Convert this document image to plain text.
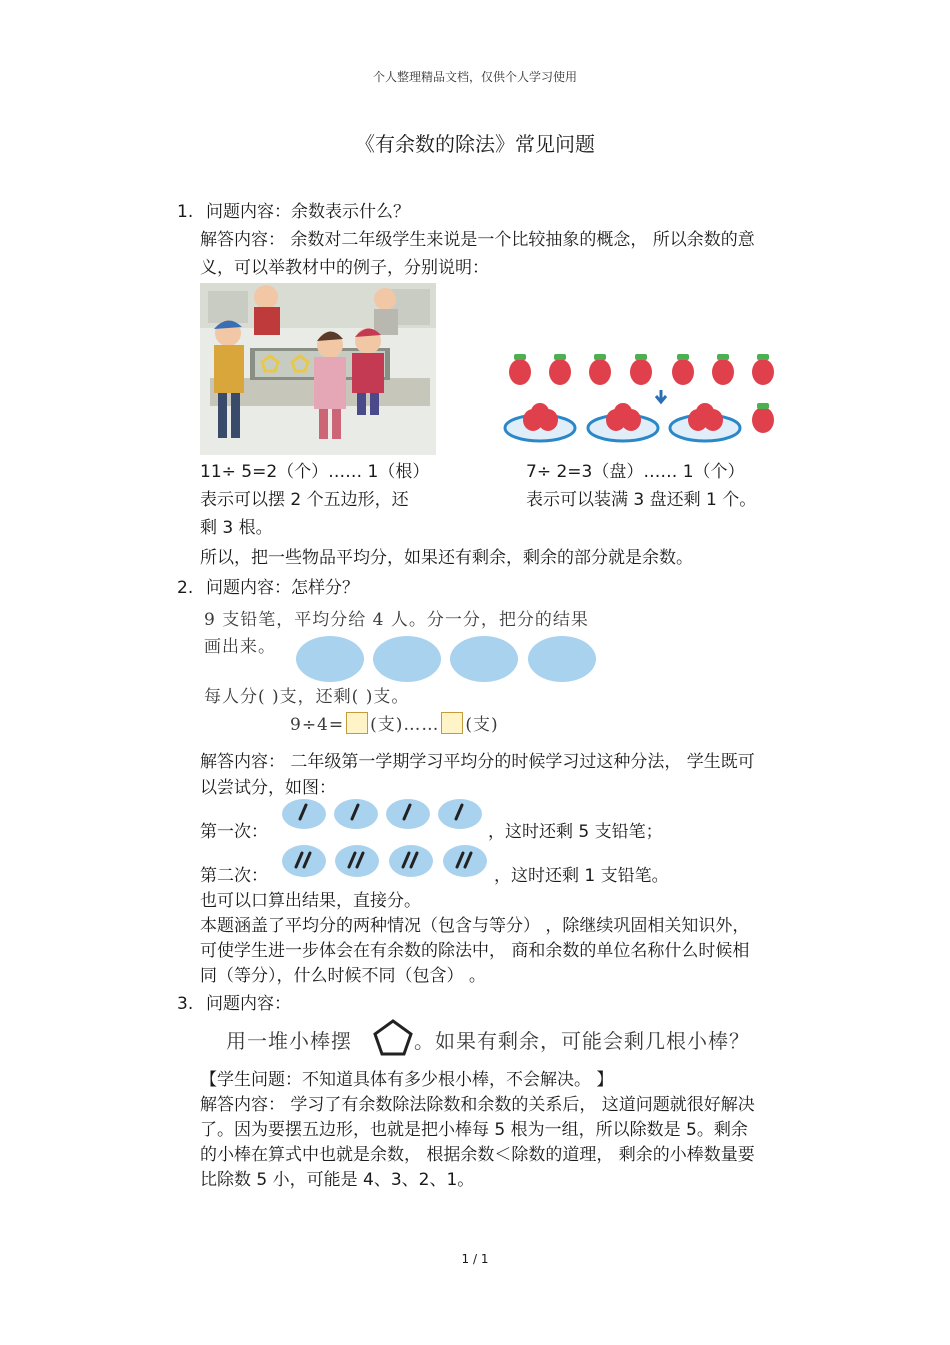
个人整理精品文档，仅供个人学习使用
《有余数的除法》常见问题
1. 问题内容：余数表示什么？
解答内容： 余数对二年级学生来说是一个比较抽象的概念， 所以余数的意
义，可以举教材中的例子，分别说明：
11÷ 5=2（个）…… 1（根）
表示可以摆 2 个五边形，还
剩 3 根。
7÷ 2=3（盘）…… 1（个）
表示可以装满 3 盘还剩 1 个。
所以，把一些物品平均分，如果还有剩余，剩余的部分就是余数。
2. 问题内容：怎样分？
9 支铅笔，平均分给 4 人。分一分，把分的结果
画出来。
每人分( )支，还剩( )支。
9÷4= (支)…… (支)
解答内容： 二年级第一学期学习平均分的时候学习过这种分法， 学生既可
以尝试分，如图：
第一次：	，这时还剩 5 支铅笔；
第二次：	，这时还剩 1 支铅笔。
也可以口算出结果，直接分。
本题涵盖了平均分的两种情况（包含与等分） ，除继续巩固相关知识外，
可使学生进一步体会在有余数的除法中， 商和余数的单位名称什么时候相
同（等分），什么时候不同（包含） 。
3. 问题内容：
用一堆小棒摆	。如果有剩余，可能会剩几根小棒？
【学生问题：不知道具体有多少根小棒，不会解决。 】
解答内容： 学习了有余数除法除数和余数的关系后， 这道问题就很好解决
了。因为要摆五边形，也就是把小棒每 5 根为一组，所以除数是 5。剩余
的小棒在算式中也就是余数， 根据余数＜除数的道理， 剩余的小棒数量要
比除数 5 小，可能是 4、3、2、1。
1 / 1
